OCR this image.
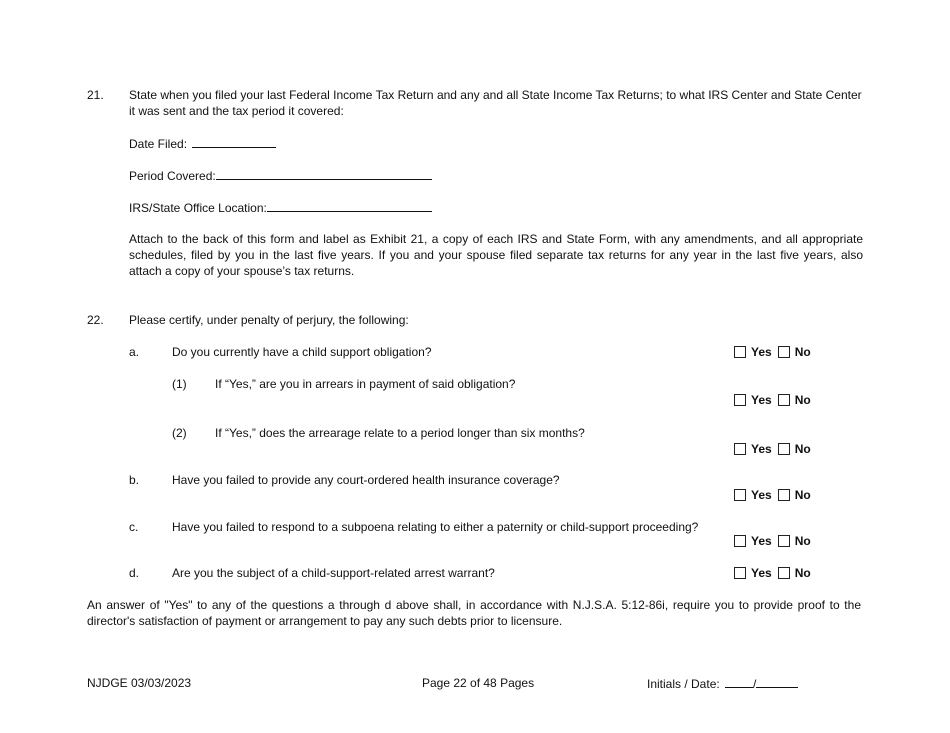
21. State when you filed your last Federal Income Tax Return and any and all State Income Tax Returns; to what IRS Center and State Center
it was sent and the tax period it covered:
Date Filed:
Period Covered:
IRS/State Office Location:
Attach to the back of this form and label as Exhibit 21, a copy of each IRS and State Form, with any amendments, and all appropriate schedules, filed by you in the last five years. If you and your spouse filed separate tax returns for any year in the last five years, also attach a copy of your spouse’s tax returns.
22. Please certify, under penalty of perjury, the following:
a.	Do you currently have a child support obligation?	Yes No
(1) If “Yes,” are you in arrears in payment of said obligation?
Yes No
(2) If “Yes,” does the arrearage relate to a period longer than six months?
Yes No
b.	Have you failed to provide any court-ordered health insurance coverage?
Yes No
c.	Have you failed to respond to a subpoena relating to either a paternity or child-support proceeding?
Yes No
d.	Are you the subject of a child-support-related arrest warrant?	Yes No
An answer of "Yes" to any of the questions a through d above shall, in accordance with N.J.S.A. 5:12-86i, require you to provide proof to the director's satisfaction of payment or arrangement to pay any such debts prior to licensure.
NJDGE 03/03/2023	Page 22 of 48 Pages	Initials / Date:	/
